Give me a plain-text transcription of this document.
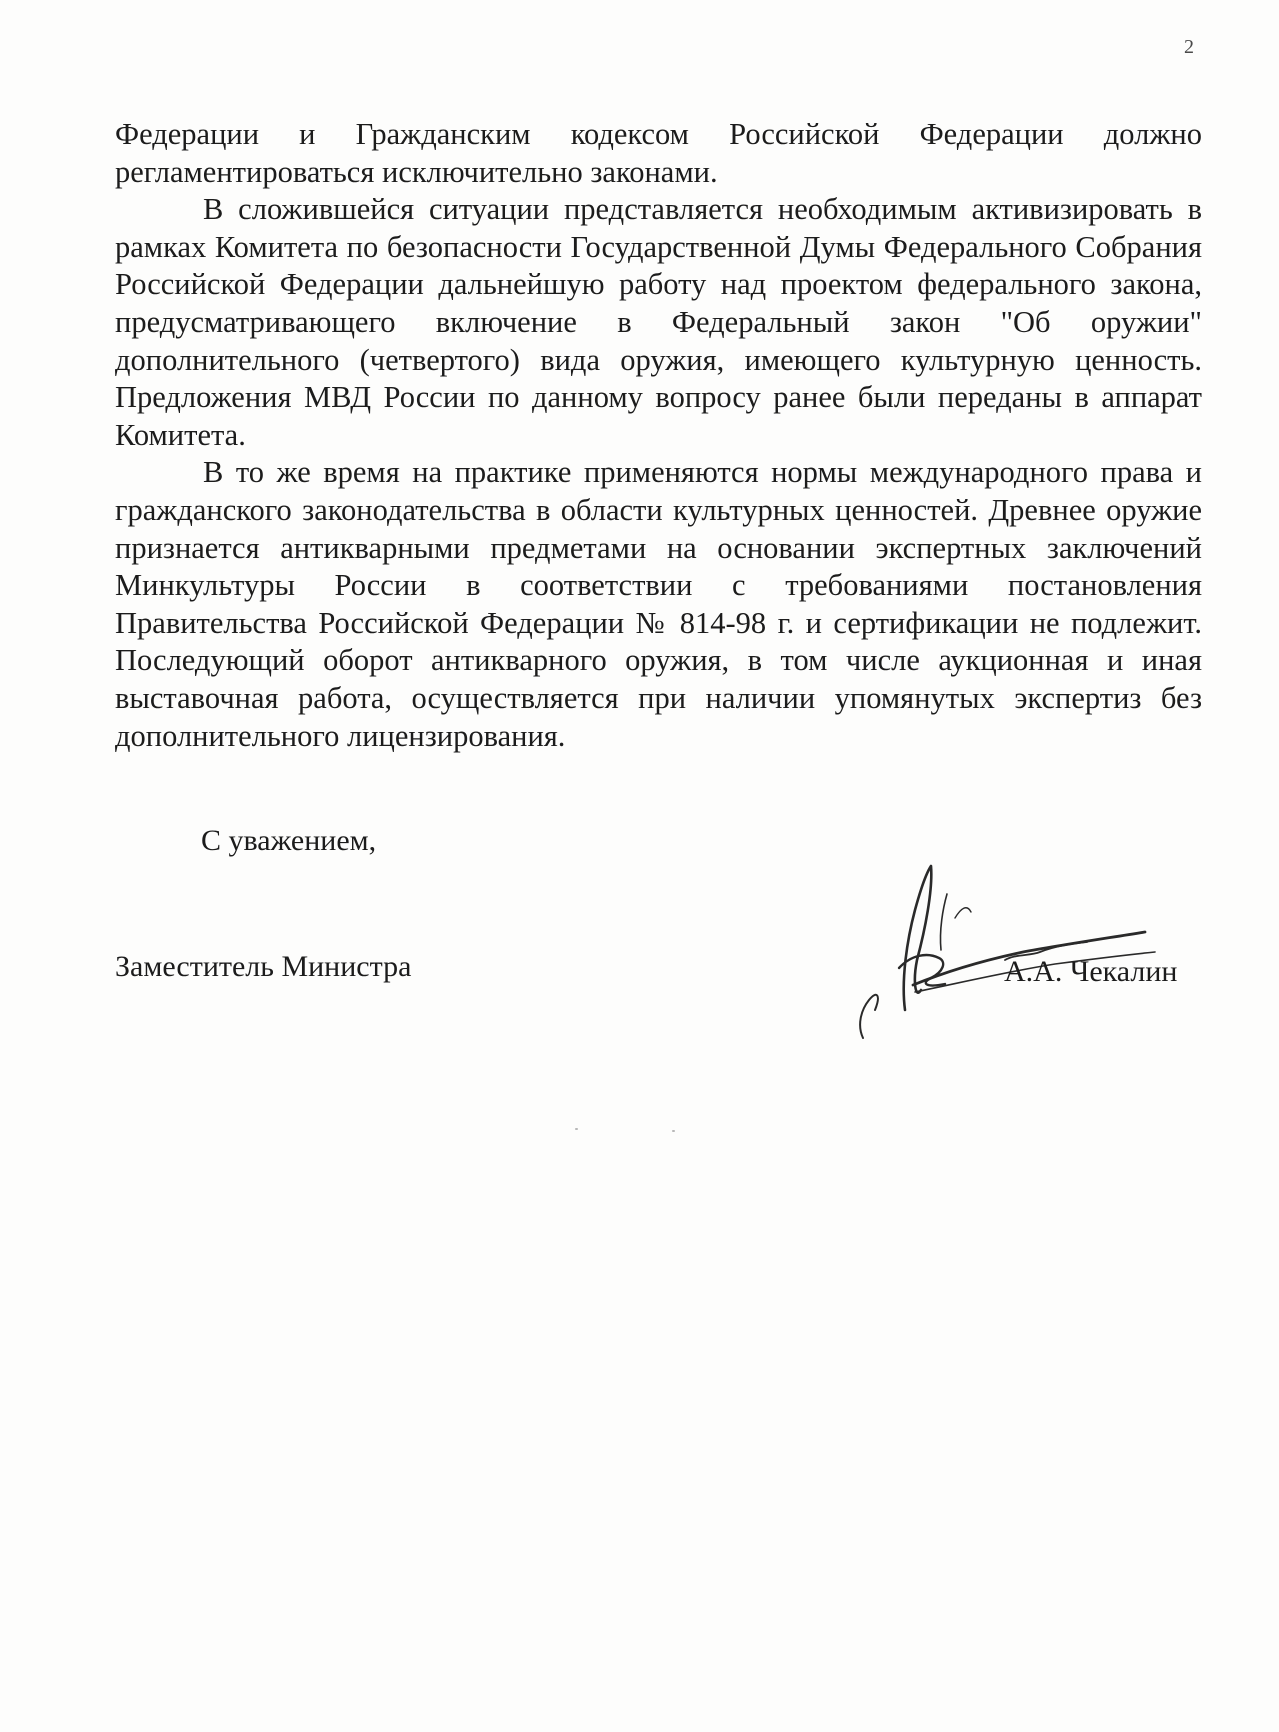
2

Федерации и Гражданским кодексом Российской Федерации должно регламентироваться исключительно законами.

В сложившейся ситуации представляется необходимым активизировать в рамках Комитета по безопасности Государственной Думы Федерального Собрания Российской Федерации дальнейшую работу над проектом федерального закона, предусматривающего включение в Федеральный закон "Об оружии" дополнительного (четвертого) вида оружия, имеющего культурную ценность. Предложения МВД России по данному вопросу ранее были переданы в аппарат Комитета.

В то же время на практике применяются нормы международного права и гражданского законодательства в области культурных ценностей. Древнее оружие признается антикварными предметами на основании экспертных заключений Минкультуры России в соответствии с требованиями постановления Правительства Российской Федерации № 814-98 г. и сертификации не подлежит. Последующий оборот антикварного оружия, в том числе аукционная и иная выставочная работа, осуществляется при наличии упомянутых экспертиз без дополнительного лицензирования.

С уважением,
Заместитель Министра	А.А. Чекалин
